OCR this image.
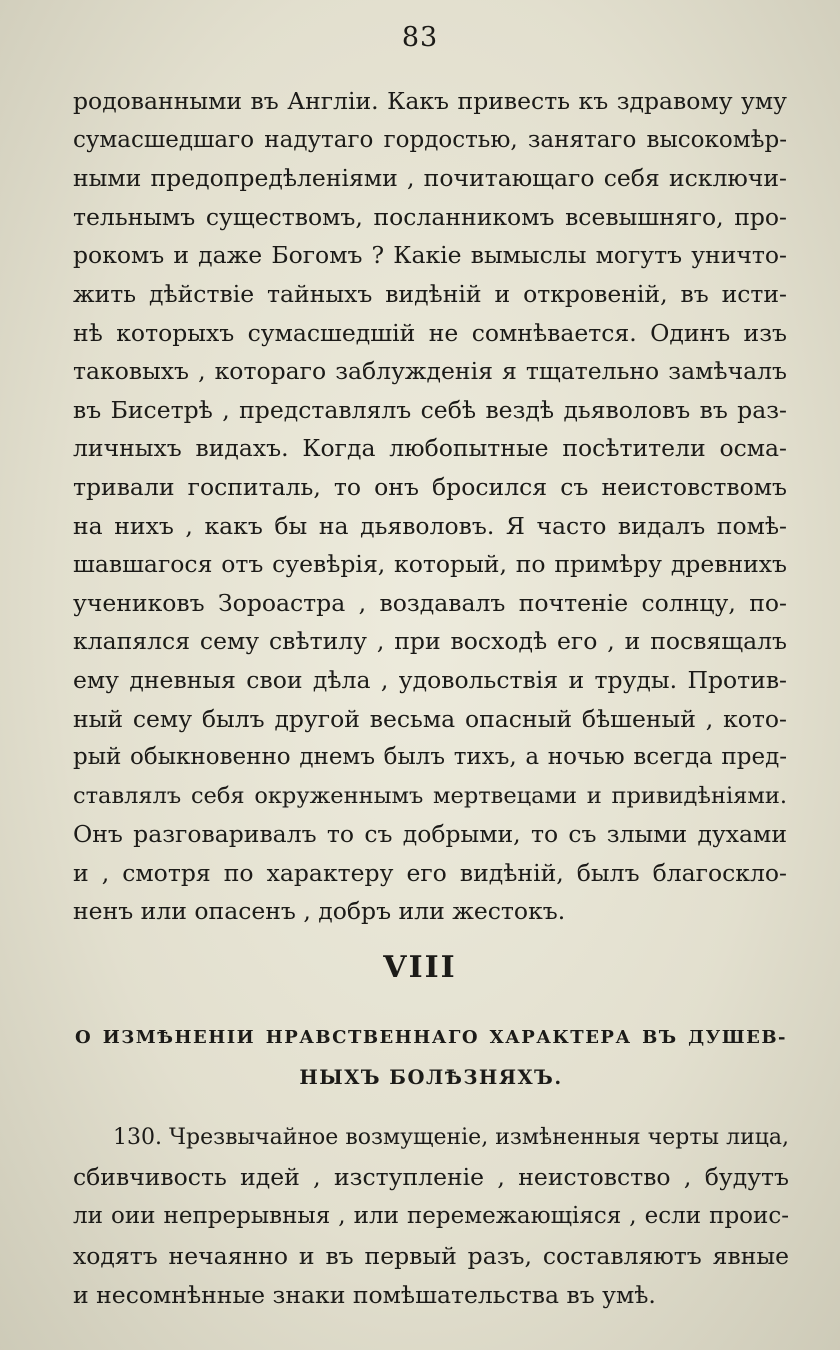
83
родованными въ Англіи. Какъ привесть къ здравому уму
сумасшедшаго надутаго гордостью, занятаго высокомѣр-
ными предопредѣленіями , почитающаго себя исключи-
тельнымъ существомъ, посланникомъ всевышняго, про-
рокомъ и даже Богомъ ? Какіе вымыслы могутъ уничто-
жить дѣйствіе тайныхъ видѣній и откровеній, въ исти-
нѣ которыхъ сумасшедшій не сомнѣвается. Одинъ изъ
таковыхъ , котораго заблужденія я тщательно замѣчалъ
въ Бисетрѣ , представлялъ себѣ вездѣ дьяволовъ въ раз-
личныхъ видахъ. Когда любопытные посѣтители осма-
тривали госпиталь, то онъ бросился съ неистовствомъ
на нихъ , какъ бы на дьяволовъ. Я часто видалъ помѣ-
шавшагося отъ суевѣрія, который, по примѣру древнихъ
учениковъ Зороастра , воздавалъ почтеніе солнцу, по-
клапялся сему свѣтилу , при восходѣ его , и посвящалъ
ему дневныя свои дѣла , удовольствія и труды. Против-
ный сему былъ другой весьма опасный бѣшеный , кото-
рый обыкновенно днемъ былъ тихъ, а ночью всегда пред-
ставлялъ себя окруженнымъ мертвецами и привидѣніями.
Онъ разговаривалъ то съ добрыми, то съ злыми духами
и , смотря по характеру его видѣній, былъ благосклo-
ненъ или опасенъ , добръ или жестокъ.
VIII
О ИЗМѢНЕНІИ НРАВСТВЕННАГО ХАРАКТЕРА ВЪ ДУШЕВ-
НЫХЪ БОЛѢЗНЯХЪ.
130. Чрезвычайное возмущеніе, измѣненныя черты лица,
сбивчивость идей , изступленіе , неистовство , будутъ
ли оии непрерывныя , или перемежающіяся , если проис-
ходятъ нечаянно и въ первый разъ, составляютъ явные
и несомнѣнные знаки помѣшательства въ умѣ.
